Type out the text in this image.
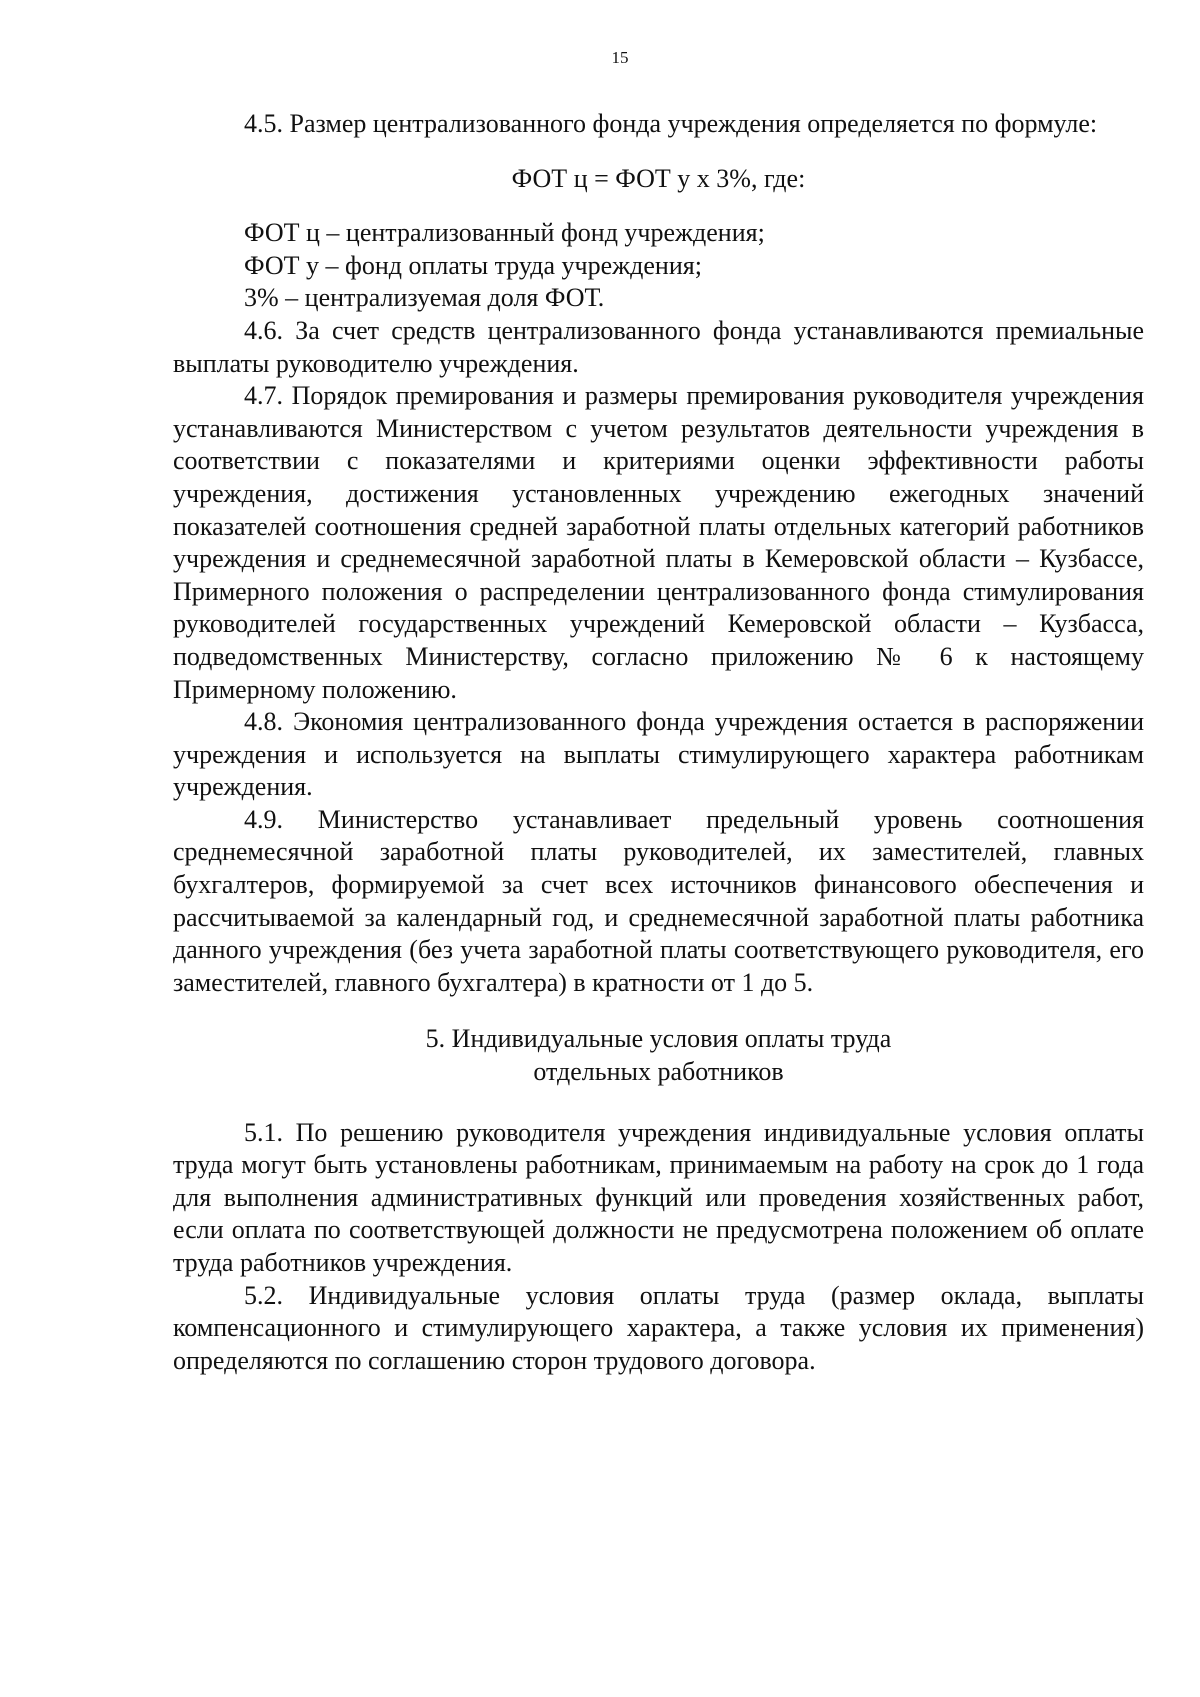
15

4.5. Размер централизованного фонда учреждения определяется по формуле:

ФОТ ц = ФОТ у х 3%, где:

ФОТ ц – централизованный фонд учреждения;

ФОТ у – фонд оплаты труда учреждения;

3% – централизуемая доля ФОТ.

4.6. За счет средств централизованного фонда устанавливаются премиальные выплаты руководителю учреждения.

4.7. Порядок премирования и размеры премирования руководителя учреждения устанавливаются Министерством с учетом результатов деятельности учреждения в соответствии с показателями и критериями оценки эффективности работы учреждения, достижения установленных учреждению ежегодных значений показателей соотношения средней заработной платы отдельных категорий работников учреждения и среднемесячной заработной платы в Кемеровской области – Кузбассе, Примерного положения о распределении централизованного фонда стимулирования руководителей государственных учреждений Кемеровской области – Кузбасса, подведомственных Министерству, согласно приложению № 6 к настоящему Примерному положению.

4.8. Экономия централизованного фонда учреждения остается в распоряжении учреждения и используется на выплаты стимулирующего характера работникам учреждения.

4.9. Министерство устанавливает предельный уровень соотношения среднемесячной заработной платы руководителей, их заместителей, главных бухгалтеров, формируемой за счет всех источников финансового обеспечения и рассчитываемой за календарный год, и среднемесячной заработной платы работника данного учреждения (без учета заработной платы соответствующего руководителя, его заместителей, главного бухгалтера) в кратности от 1 до 5.

5. Индивидуальные условия оплаты труда
отдельных работников

5.1. По решению руководителя учреждения индивидуальные условия оплаты труда могут быть установлены работникам, принимаемым на работу на срок до 1 года для выполнения административных функций или проведения хозяйственных работ, если оплата по соответствующей должности не предусмотрена положением об оплате труда работников учреждения.

5.2. Индивидуальные условия оплаты труда (размер оклада, выплаты компенсационного и стимулирующего характера, а также условия их применения) определяются по соглашению сторон трудового договора.
